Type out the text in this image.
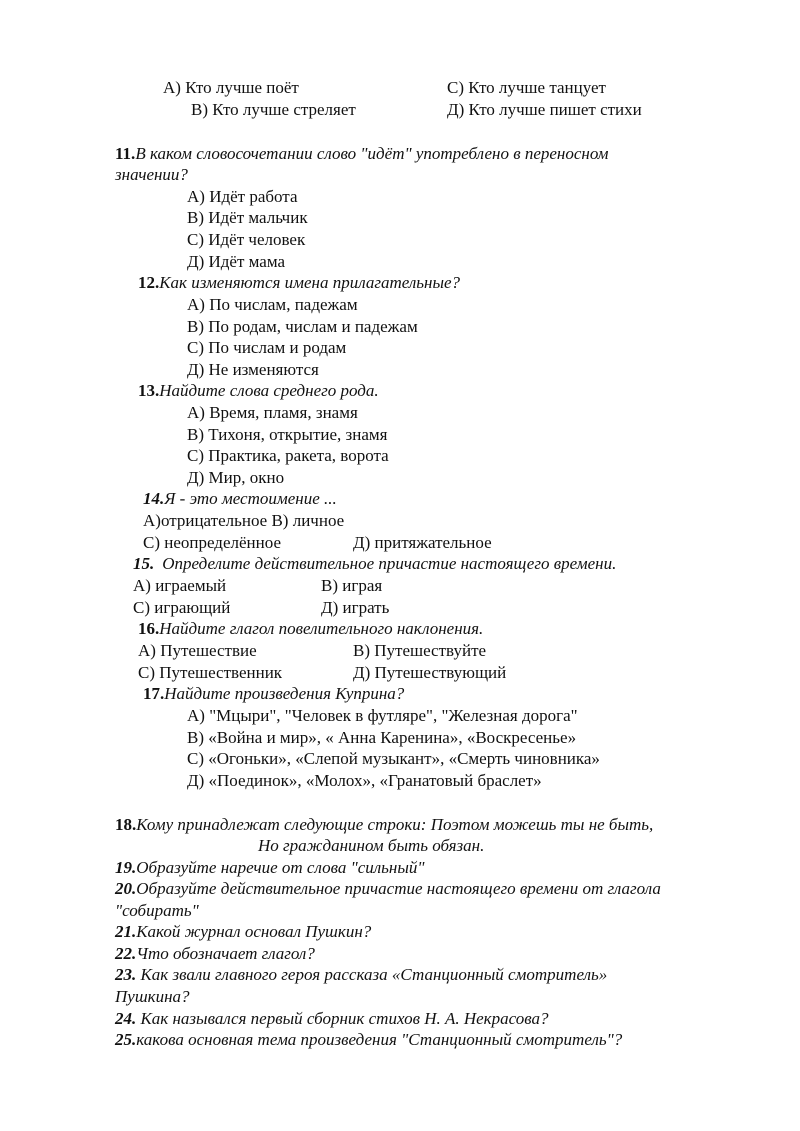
А) Кто лучше поёт	С) Кто лучше танцует
В) Кто лучше стреляет	Д) Кто лучше пишет стихи
11.В каком словосочетании слово "идёт" употреблено в переносном
значении?
А) Идёт работа
В) Идёт мальчик
С) Идёт человек
Д) Идёт мама
12.Как изменяются имена прилагательные?
А) По числам, падежам
В) По родам, числам и падежам
С) По числам и родам
Д) Не изменяются
13.Найдите слова среднего рода.
А) Время, пламя, знамя
В) Тихоня, открытие, знамя
С) Практика, ракета, ворота
Д) Мир, окно
14.Я - это местоимение ...
А)отрицательное В) личное
С) неопределённое	Д) притяжательное
15. Определите действительное причастие настоящего времени.
А) играемый	В) играя
С) играющий	Д) играть
16.Найдите глагол повелительного наклонения.
А) Путешествие	В) Путешествуйте
С) Путешественник	Д) Путешествующий
17.Найдите произведения Куприна?
А) "Мцыри", "Человек в футляре", "Железная дорога"
В) «Война и мир», « Анна Каренина», «Воскресенье»
С) «Огоньки», «Слепой музыкант», «Смерть чиновника»
Д) «Поединок», «Молох», «Гранатовый браслет»
18.Кому принадлежат следующие строки: Поэтом можешь ты не быть,
Но гражданином быть обязан.
19.Образуйте наречие от слова "сильный"
20.Образуйте действительное причастие настоящего времени от глагола
"собирать"
21.Какой журнал основал Пушкин?
22.Что обозначает глагол?
23. Как звали главного героя рассказа «Станционный смотритель»
Пушкина?
24. Как назывался первый сборник стихов Н. А. Некрасова?
25.какова основная тема произведения "Станционный смотритель"?
